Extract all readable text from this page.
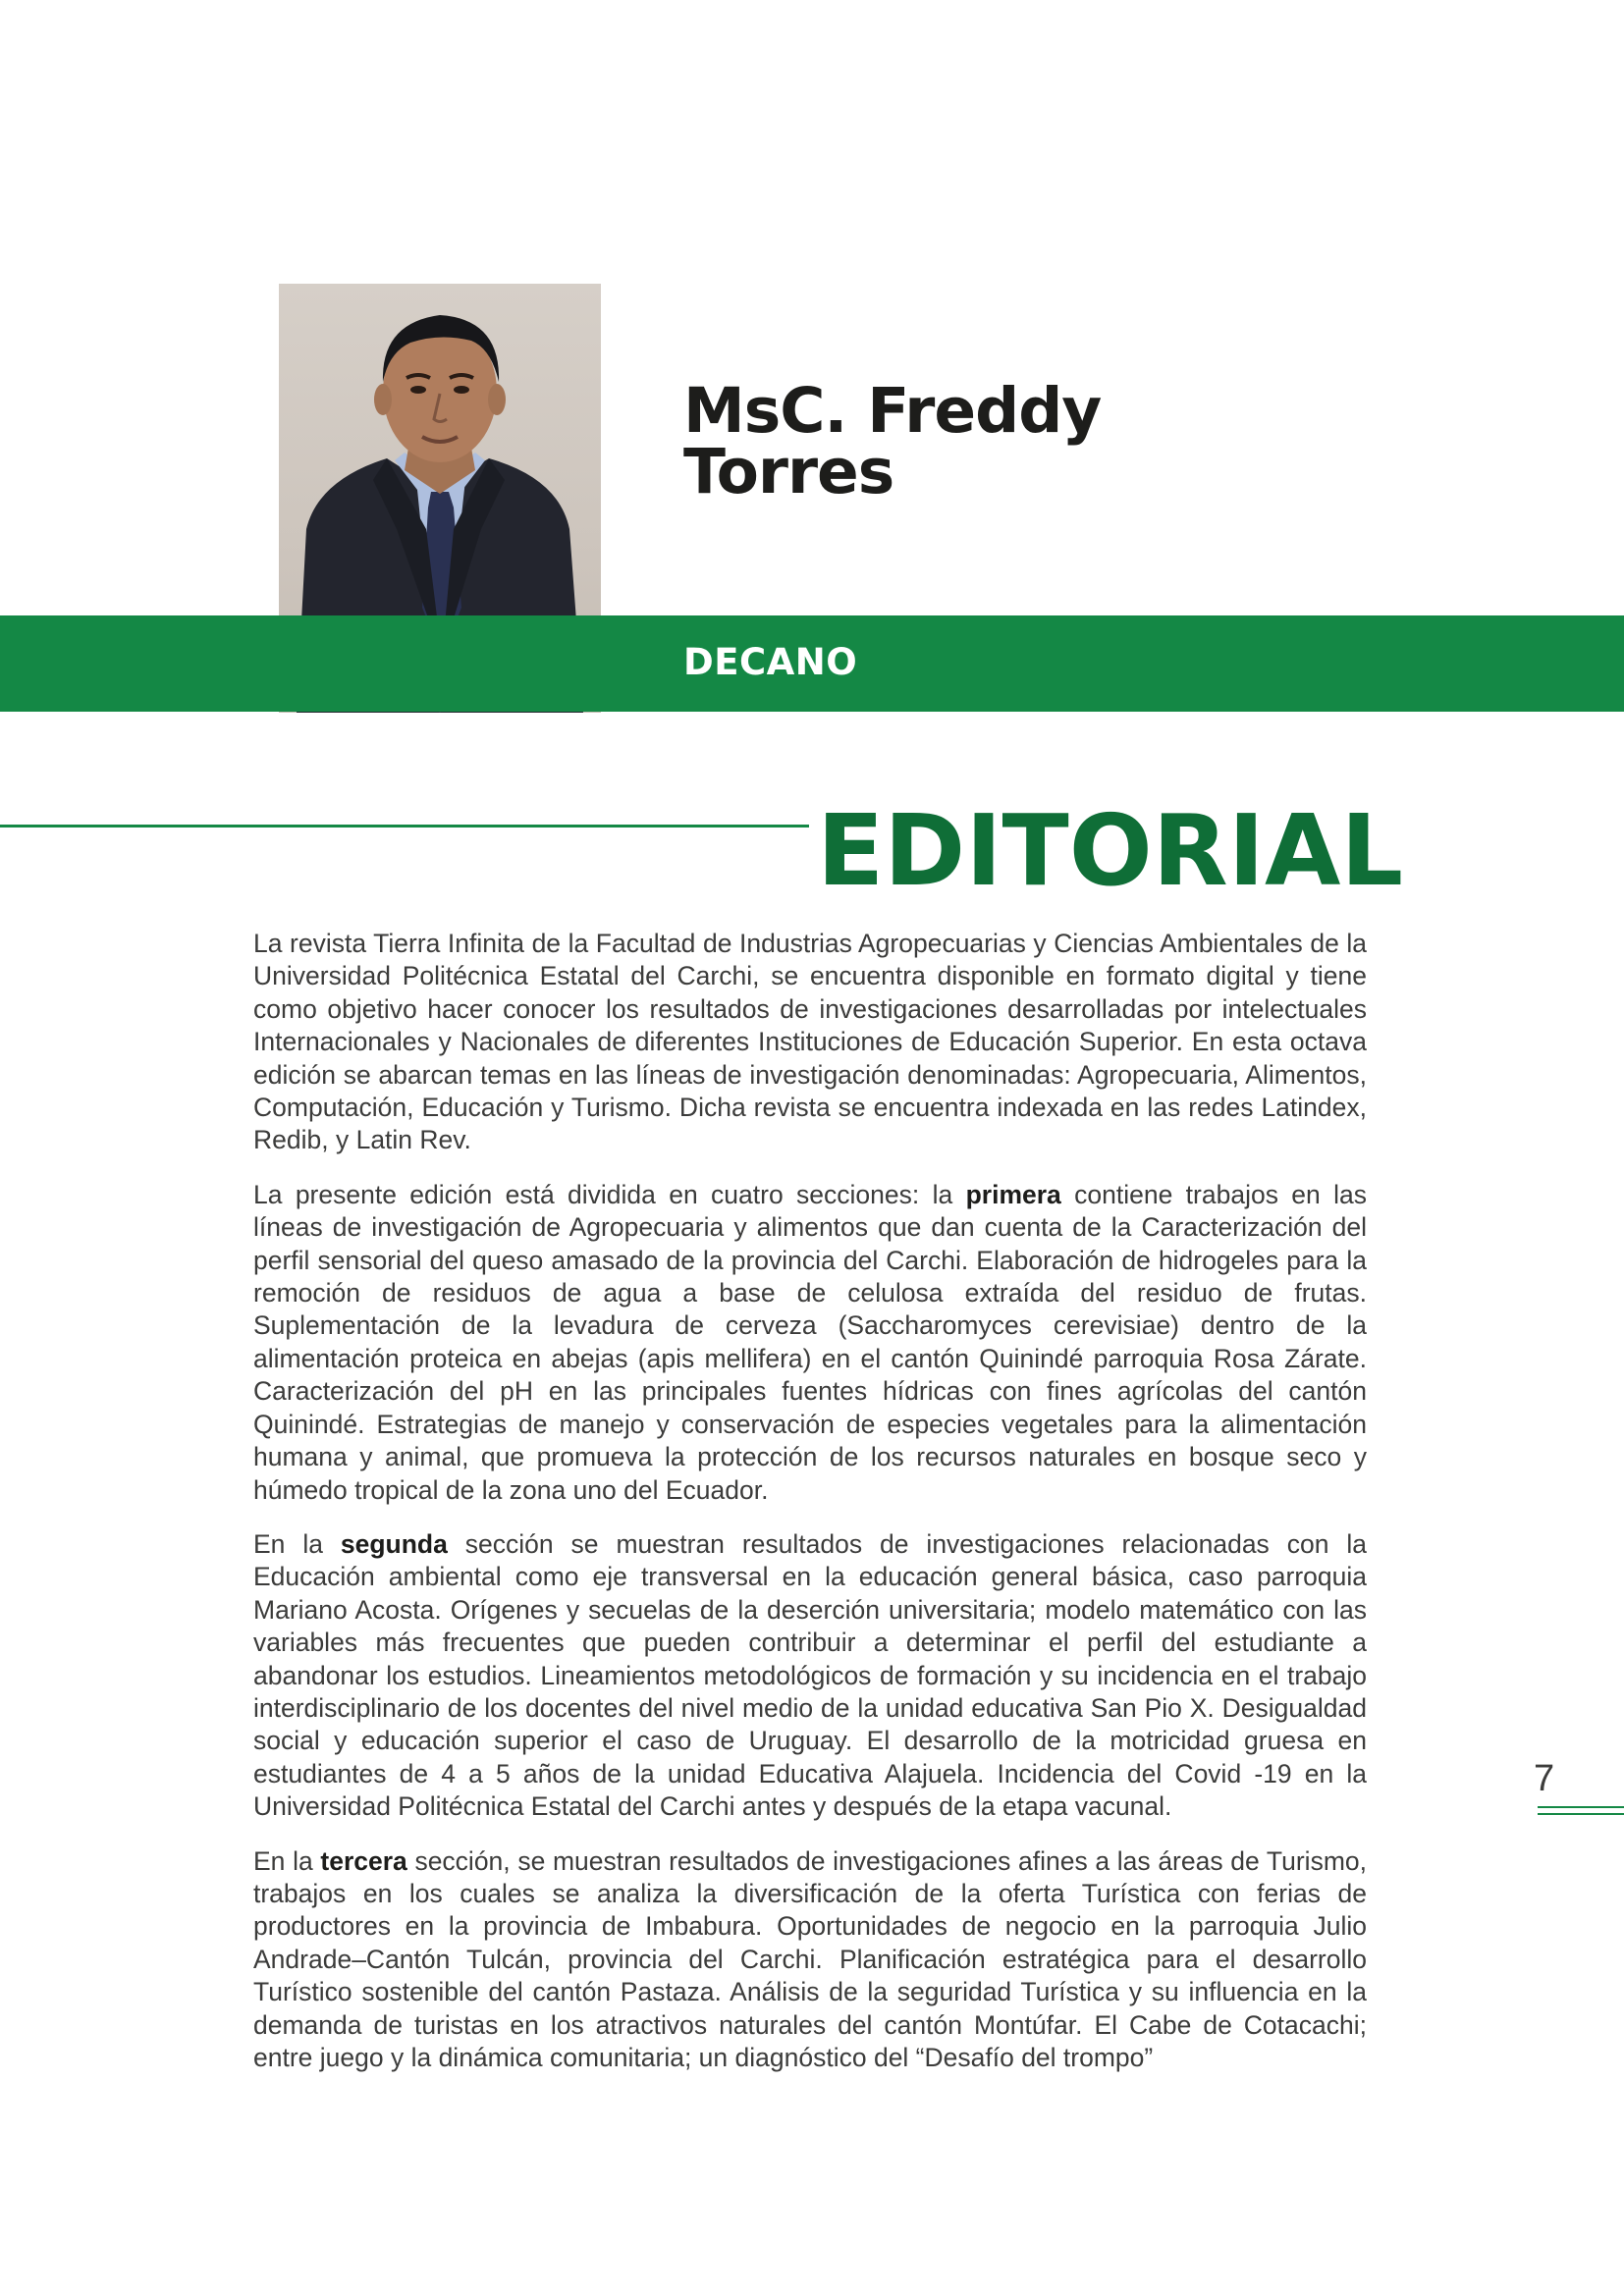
MsC. Freddy
Torres
DECANO
EDITORIAL

La revista Tierra Infinita de la Facultad de Industrias Agropecuarias y Ciencias Ambientales de la Universidad Politécnica Estatal del Carchi, se encuentra disponible en formato digital y tiene como objetivo hacer conocer los resultados de investigaciones desarrolladas por intelectuales Internacionales y Nacionales de diferentes Instituciones de Educación Superior. En esta octava edición se abarcan temas en las líneas de investigación denominadas: Agropecuaria, Alimentos, Computación, Educación y Turismo. Dicha revista se encuentra indexada en las redes Latindex, Redib, y Latin Rev.

La presente edición está dividida en cuatro secciones: la primera contiene trabajos en las líneas de investigación de Agropecuaria y alimentos que dan cuenta de la Caracterización del perfil sensorial del queso amasado de la provincia del Carchi. Elaboración de hidrogeles para la remoción de residuos de agua a base de celulosa extraída del residuo de frutas. Suplementación de la levadura de cerveza (Saccharomyces cerevisiae) dentro de la alimentación proteica en abejas (apis mellifera) en el cantón Quinindé parroquia Rosa Zárate. Caracterización del pH en las principales fuentes hídricas con fines agrícolas del cantón Quinindé. Estrategias de manejo y conservación de especies vegetales para la alimentación humana y animal, que promueva la protección de los recursos naturales en bosque seco y húmedo tropical de la zona uno del Ecuador.

En la segunda sección se muestran resultados de investigaciones relacionadas con la Educación ambiental como eje transversal en la educación general básica, caso parroquia Mariano Acosta. Orígenes y secuelas de la deserción universitaria; modelo matemático con las variables más frecuentes que pueden contribuir a determinar el perfil del estudiante a abandonar los estudios. Lineamientos metodológicos de formación y su incidencia en el trabajo interdisciplinario de los docentes del nivel medio de la unidad educativa San Pio X. Desigualdad social y educación superior el caso de Uruguay. El desarrollo de la motricidad gruesa en estudiantes de 4 a 5 años de la unidad Educativa Alajuela. Incidencia del Covid -19 en la Universidad Politécnica Estatal del Carchi antes y después de la etapa vacunal.

En la tercera sección, se muestran resultados de investigaciones afines a las áreas de Turismo, trabajos en los cuales se analiza la diversificación de la oferta Turística con ferias de productores en la provincia de Imbabura. Oportunidades de negocio en la parroquia Julio Andrade–Cantón Tulcán, provincia del Carchi. Planificación estratégica para el desarrollo Turístico sostenible del cantón Pastaza. Análisis de la seguridad Turística y su influencia en la demanda de turistas en los atractivos naturales del cantón Montúfar. El Cabe de Cotacachi; entre juego y la dinámica comunitaria; un diagnóstico del “Desafío del trompo”

7
